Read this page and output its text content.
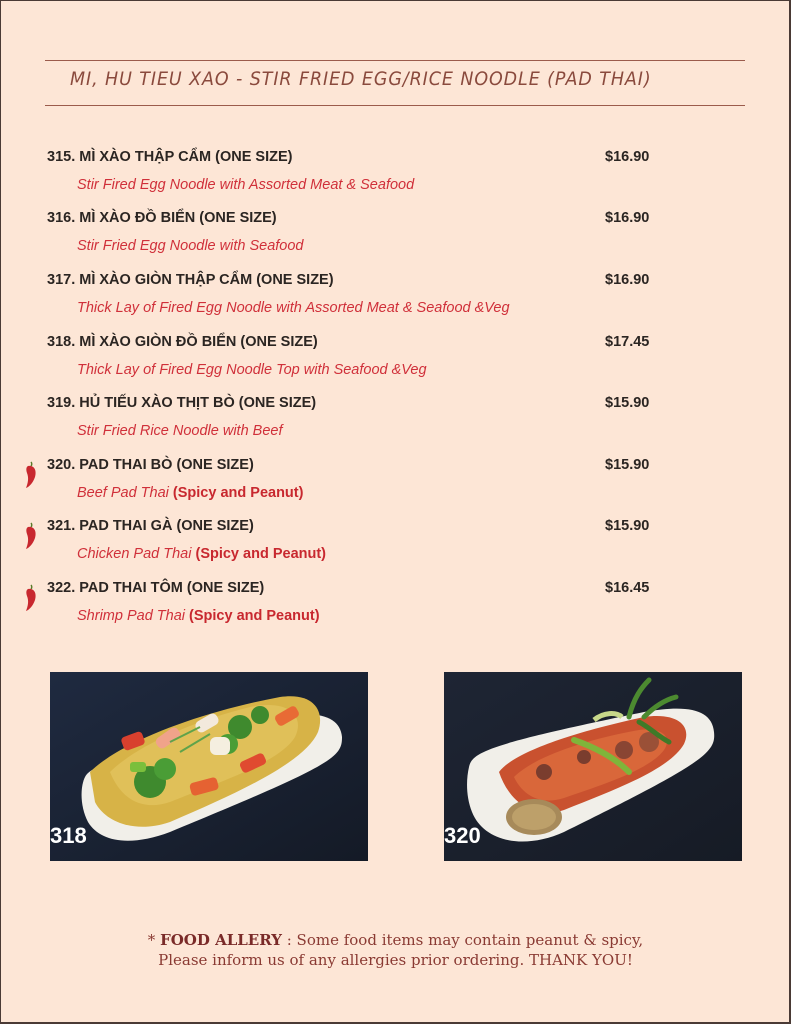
MI, HU TIEU XAO - STIR FRIED EGG/RICE NOODLE (PAD THAI)
315. MÌ XÀO THẬP CẨM (ONE SIZE)	$16.90
Stir Fired Egg Noodle with Assorted Meat & Seafood
316. MÌ XÀO ĐỒ BIỂN (ONE SIZE)	$16.90
Stir Fried Egg Noodle with Seafood
317. MÌ XÀO GIÒN THẬP CẨM (ONE SIZE)	$16.90
Thick Lay of Fired Egg Noodle with Assorted Meat & Seafood &Veg
318. MÌ XÀO GIÒN ĐỒ BIỂN (ONE SIZE)	$17.45
Thick Lay of Fired Egg Noodle Top with Seafood &Veg
319. HỦ TIẾU XÀO THỊT BÒ (ONE SIZE)	$15.90
Stir Fried Rice Noodle with Beef
320. PAD THAI BÒ (ONE SIZE)	$15.90
Beef Pad Thai (Spicy and Peanut)
321. PAD THAI GÀ (ONE SIZE)	$15.90
Chicken Pad Thai (Spicy and Peanut)
322. PAD THAI TÔM (ONE SIZE)	$16.45
Shrimp Pad Thai (Spicy and Peanut)
318	320
* FOOD ALLERY : Some food items may contain peanut & spicy,
Please inform us of any allergies prior ordering. THANK YOU!
